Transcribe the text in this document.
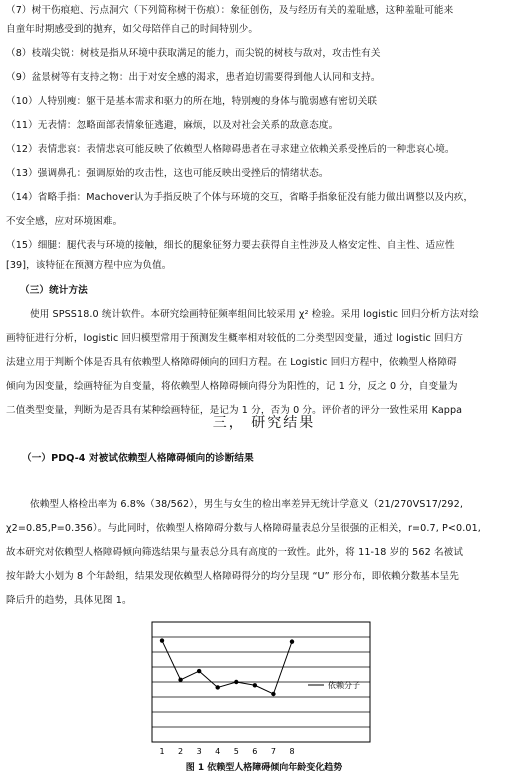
（7）树干伤痕疤、污点洞穴（下列简称树干伤痕）：象征创伤，及与经历有关的羞耻感，这种羞耻可能来
自童年时期感受到的抛弃，如父母陪伴自己的时间特别少。
（8）枝端尖锐：树枝是指从环境中获取满足的能力，而尖锐的树枝与敌对，攻击性有关
（9）盆景树等有支持之物：出于对安全感的渴求，患者迫切需要得到他人认同和支持。
（10）人特别瘦：躯干是基本需求和驱力的所在地，特别瘦的身体与脆弱感有密切关联
（11）无表情：忽略面部表情象征逃避，麻烦，以及对社会关系的敌意态度。
（12）表情悲哀：表情悲哀可能反映了依赖型人格障碍患者在寻求建立依赖关系受挫后的一种悲哀心境。
（13）强调鼻孔：强调原始的攻击性，这也可能反映出受挫后的情绪状态。
（14）省略手指：Machover认为手指反映了个体与环境的交互，省略手指象征没有能力做出调整以及内疚，
不安全感，应对环境困难。
（15）细腿：腿代表与环境的接触，细长的腿象征努力要去获得自主性涉及人格安定性、自主性、适应性
[39]，该特征在预测方程中应为负值。
（三）统计方法
使用 SPSS18.0 统计软件。本研究绘画特征频率组间比较采用 χ² 检验。采用 logistic 回归分析方法对绘
画特征进行分析，logistic 回归模型常用于预测发生概率相对较低的二分类型因变量，通过 logistic 回归方
法建立用于判断个体是否具有依赖型人格障碍倾向的回归方程。在 Logistic 回归方程中，依赖型人格障碍
倾向为因变量，绘画特征为自变量，将依赖型人格障碍倾向得分为阳性的，记 1 分，反之 0 分，自变量为
二值类型变量，判断为是否具有某种绘画特征，是记为 1 分，否为 0 分。评价者的评分一致性采用 Kappa
三， 研究结果
（一）PDQ-4 对被试依赖型人格障碍倾向的诊断结果
依赖型人格检出率为 6.8%（38/562），男生与女生的检出率差异无统计学意义（21/270VS17/292,
χ2=0.85,P=0.356）。与此同时，依赖型人格障碍分数与人格障碍量表总分呈很强的正相关，r=0.7, P<0.01,
故本研究对依赖型人格障碍倾向筛选结果与量表总分具有高度的一致性。此外，将 11-18 岁的 562 名被试
按年龄大小划为 8 个年龄组，结果发现依赖型人格障碍得分的均分呈现 “U” 形分布，即依赖分数基本呈先
降后升的趋势，具体见图 1。
1 2 3 4 5 6 7 8
依赖分子
图 1 依赖型人格障碍倾向年龄变化趋势
